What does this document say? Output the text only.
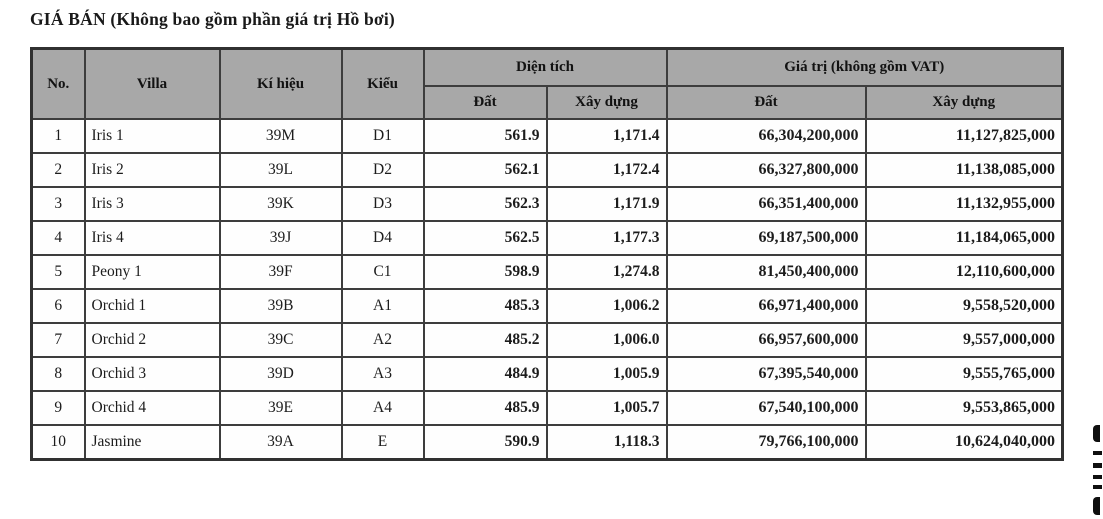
GIÁ BÁN (Không bao gồm phần giá trị Hồ bơi)
No.	Villa	Kí hiệu	Kiểu	Diện tích		Giá trị (không gồm VAT)	
				Đất	Xây dựng	Đất	Xây dựng
1	Iris 1	39M	D1	561.9	1,171.4	66,304,200,000	11,127,825,000
2	Iris 2	39L	D2	562.1	1,172.4	66,327,800,000	11,138,085,000
3	Iris 3	39K	D3	562.3	1,171.9	66,351,400,000	11,132,955,000
4	Iris 4	39J	D4	562.5	1,177.3	69,187,500,000	11,184,065,000
5	Peony 1	39F	C1	598.9	1,274.8	81,450,400,000	12,110,600,000
6	Orchid 1	39B	A1	485.3	1,006.2	66,971,400,000	9,558,520,000
7	Orchid 2	39C	A2	485.2	1,006.0	66,957,600,000	9,557,000,000
8	Orchid 3	39D	A3	484.9	1,005.9	67,395,540,000	9,555,765,000
9	Orchid 4	39E	A4	485.9	1,005.7	67,540,100,000	9,553,865,000
10	Jasmine	39A	E	590.9	1,118.3	79,766,100,000	10,624,040,000
